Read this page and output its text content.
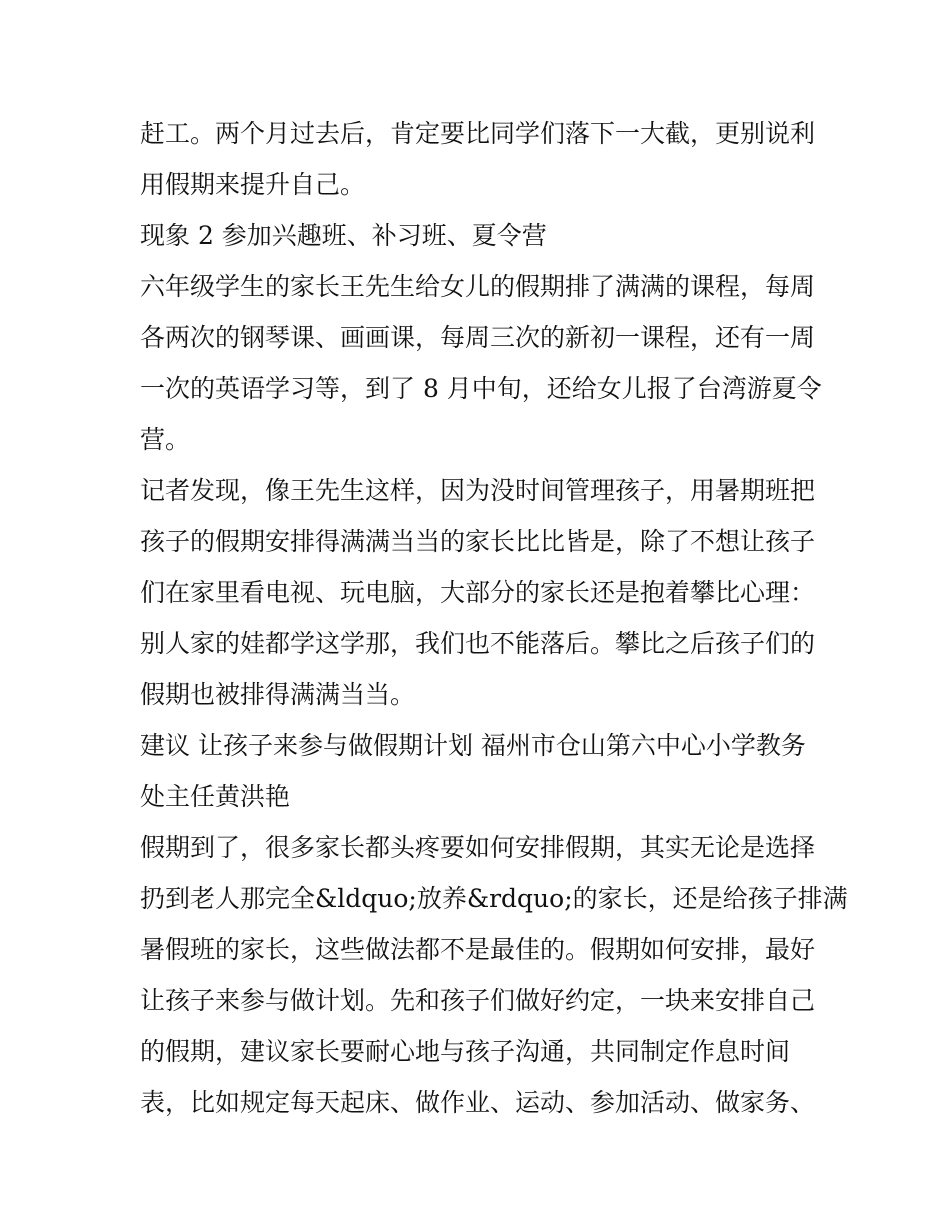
赶工。两个月过去后，肯定要比同学们落下一大截，更别说利
用假期来提升自己。
现象 2 参加兴趣班、补习班、夏令营
六年级学生的家长王先生给女儿的假期排了满满的课程，每周
各两次的钢琴课、画画课，每周三次的新初一课程，还有一周
一次的英语学习等，到了 8 月中旬，还给女儿报了台湾游夏令
营。
记者发现，像王先生这样，因为没时间管理孩子，用暑期班把
孩子的假期安排得满满当当的家长比比皆是，除了不想让孩子
们在家里看电视、玩电脑，大部分的家长还是抱着攀比心理：
别人家的娃都学这学那，我们也不能落后。攀比之后孩子们的
假期也被排得满满当当。
建议 让孩子来参与做假期计划 福州市仓山第六中心小学教务
处主任黄洪艳
假期到了，很多家长都头疼要如何安排假期，其实无论是选择
扔到老人那完全&ldquo;放养&rdquo;的家长，还是给孩子排满
暑假班的家长，这些做法都不是最佳的。假期如何安排，最好
让孩子来参与做计划。先和孩子们做好约定，一块来安排自己
的假期，建议家长要耐心地与孩子沟通，共同制定作息时间
表，比如规定每天起床、做作业、运动、参加活动、做家务、
